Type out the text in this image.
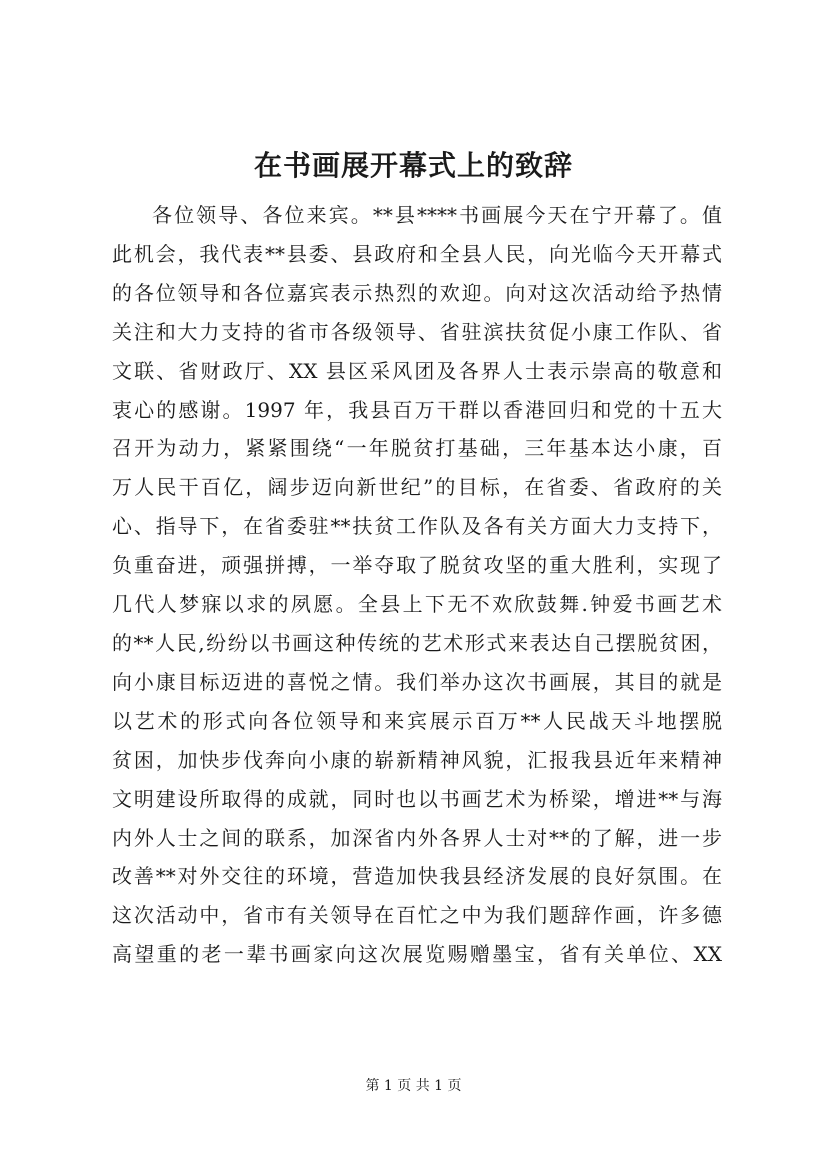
在书画展开幕式上的致辞
各位领导、各位来宾。**县****书画展今天在宁开幕了。值
此机会，我代表**县委、县政府和全县人民，向光临今天开幕式
的各位领导和各位嘉宾表示热烈的欢迎。向对这次活动给予热情
关注和大力支持的省市各级领导、省驻滨扶贫促小康工作队、省
文联、省财政厅、XX 县区采风团及各界人士表示崇高的敬意和
衷心的感谢。1997 年，我县百万干群以香港回归和党的十五大
召开为动力，紧紧围绕“一年脱贫打基础，三年基本达小康，百
万人民干百亿，阔步迈向新世纪”的目标，在省委、省政府的关
心、指导下，在省委驻**扶贫工作队及各有关方面大力支持下，
负重奋进，顽强拼搏，一举夺取了脱贫攻坚的重大胜利，实现了
几代人梦寐以求的夙愿。全县上下无不欢欣鼓舞.钟爱书画艺术
的**人民,纷纷以书画这种传统的艺术形式来表达自己摆脱贫困，
向小康目标迈进的喜悦之情。我们举办这次书画展，其目的就是
以艺术的形式向各位领导和来宾展示百万**人民战天斗地摆脱
贫困，加快步伐奔向小康的崭新精神风貌，汇报我县近年来精神
文明建设所取得的成就，同时也以书画艺术为桥梁，增进**与海
内外人士之间的联系，加深省内外各界人士对**的了解，进一步
改善**对外交往的环境，营造加快我县经济发展的良好氛围。在
这次活动中，省市有关领导在百忙之中为我们题辞作画，许多德
高望重的老一辈书画家向这次展览赐赠墨宝，省有关单位、XX
第 1 页 共 1 页
